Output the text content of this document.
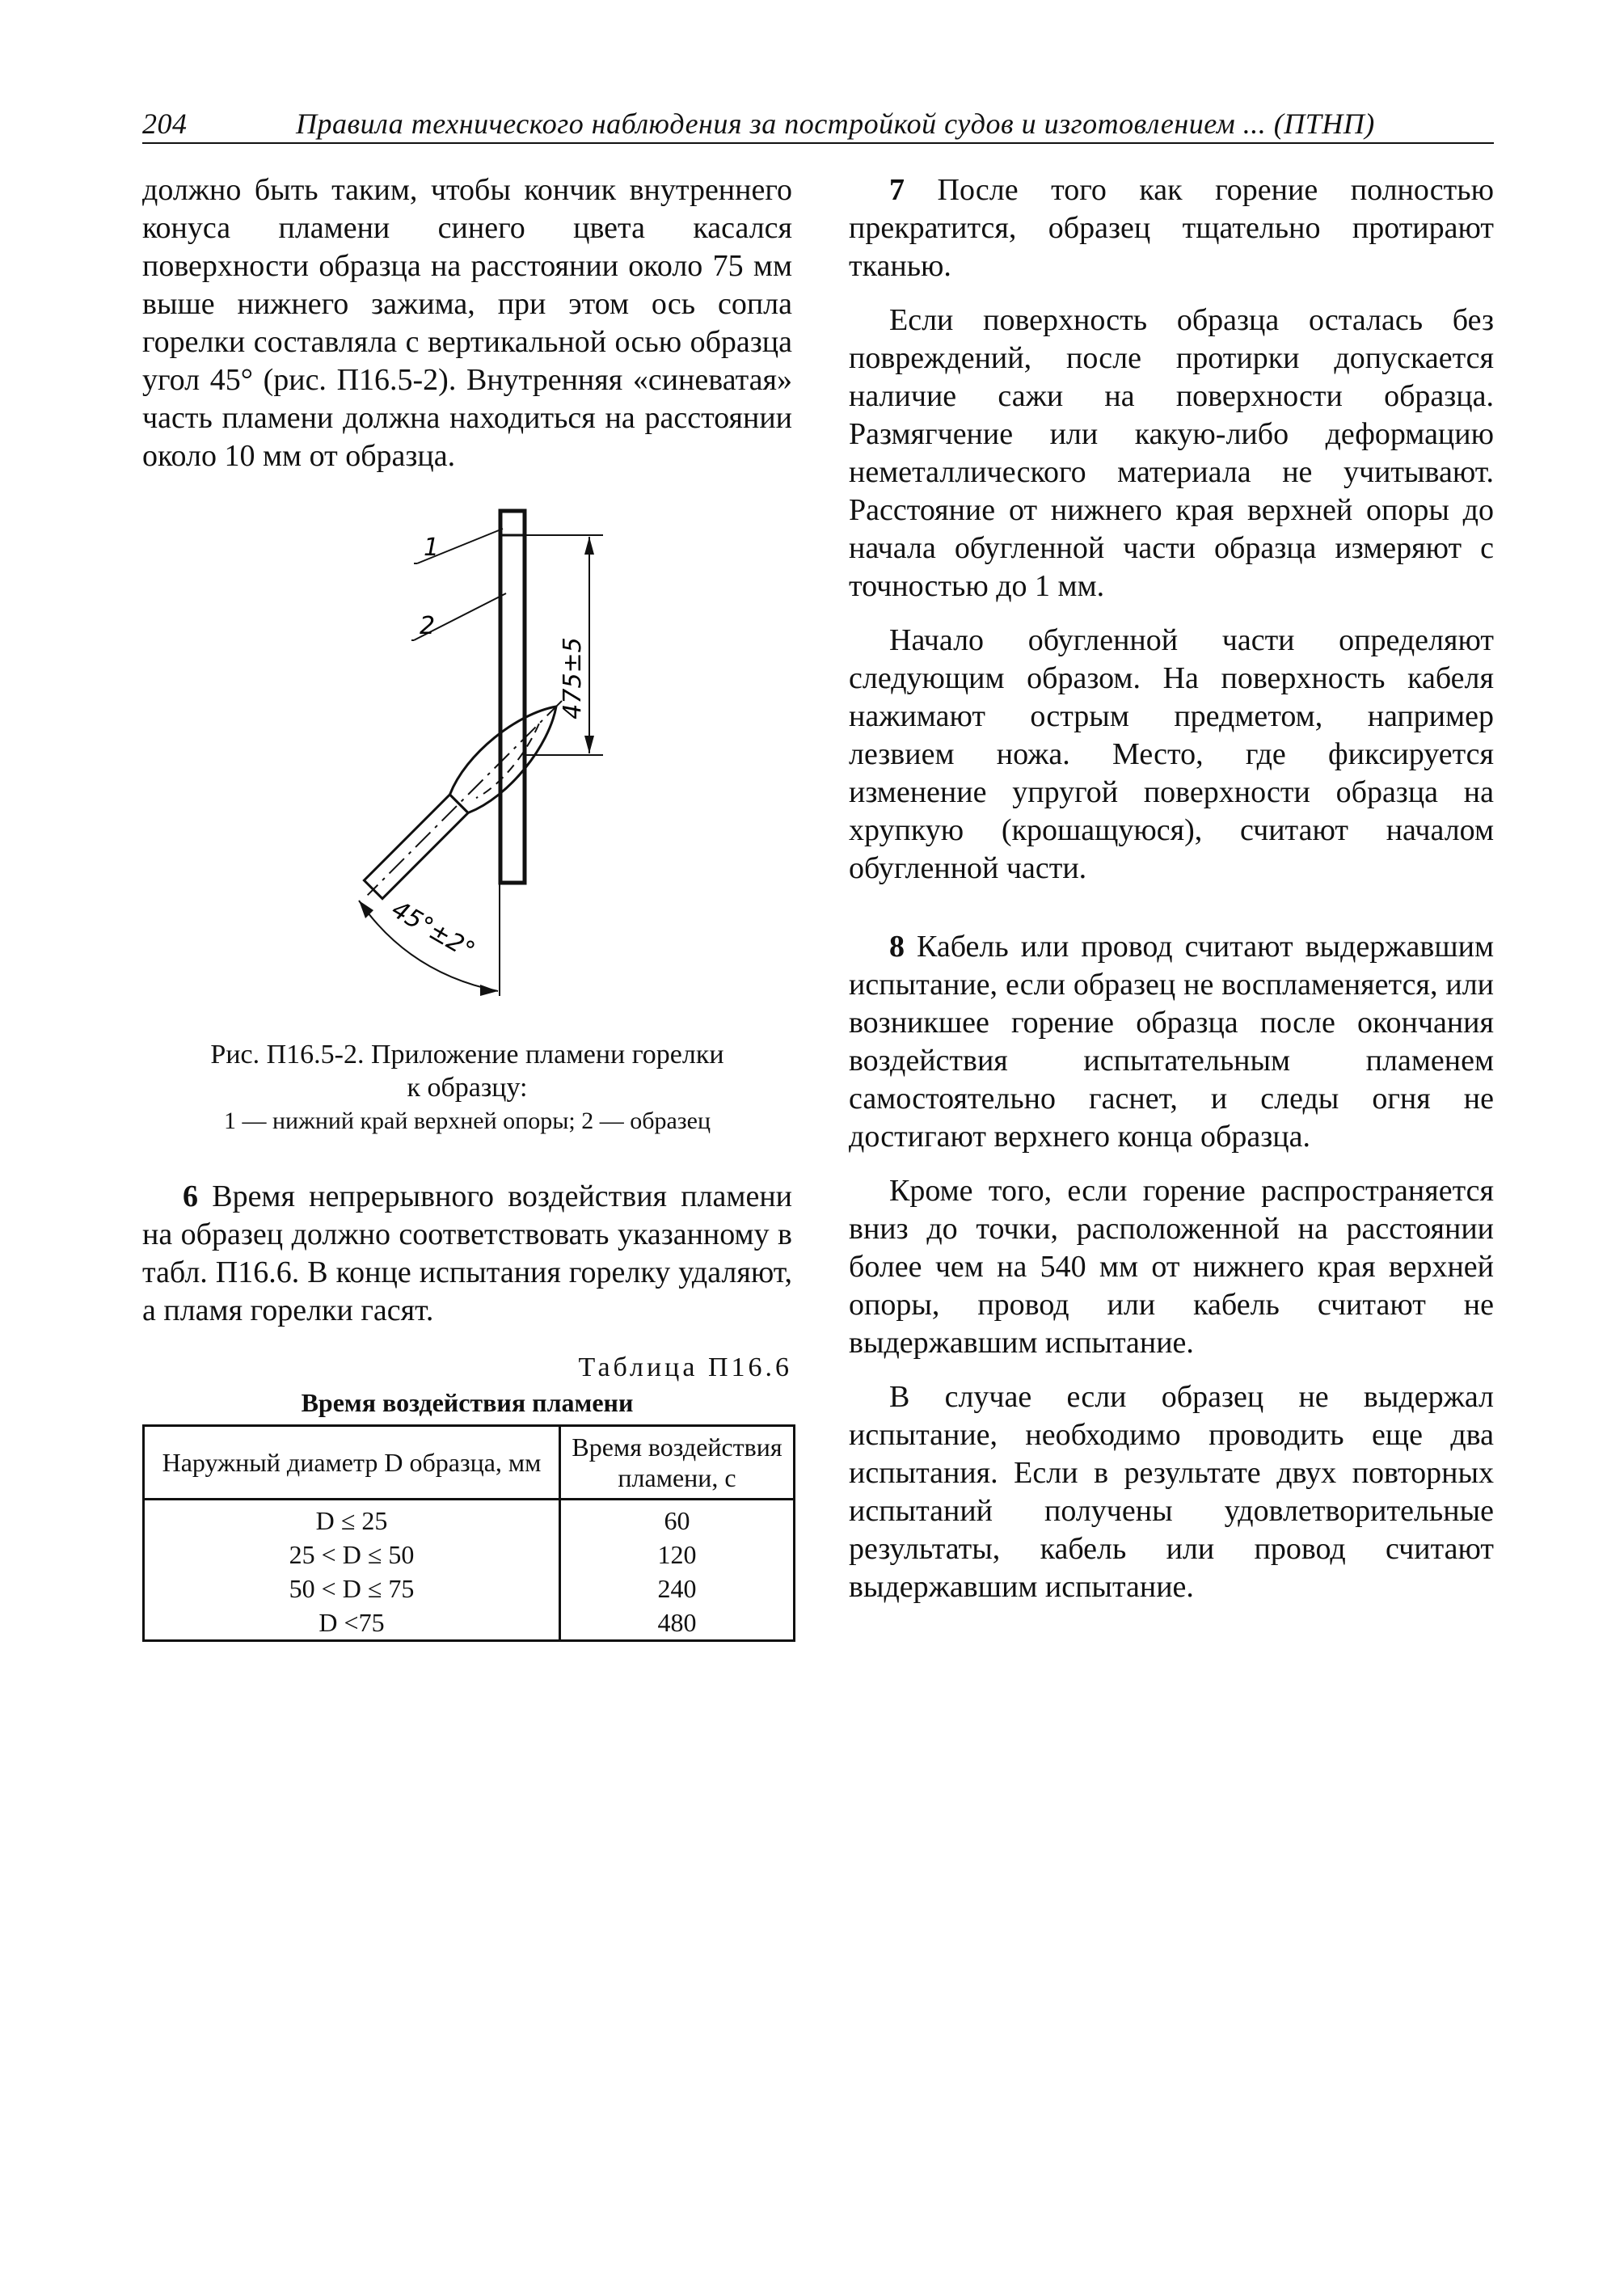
204	Правила технического наблюдения за постройкой судов и изготовлением ... (ПТНП)

должно быть таким, чтобы кончик внутреннего конуса пламени синего цвета касался поверхности образца на расстоянии около 75 мм выше нижнего зажима, при этом ось сопла горелки составляла с вертикальной осью образца угол 45° (рис. П16.5-2). Внутренняя «синеватая» часть пламени должна находиться на расстоянии около 10 мм от образца.

475±5
1
2
45°±2°
Рис. П16.5-2. Приложение пламени горелки
к образцу:
1 — нижний край верхней опоры; 2 — образец

6 Время непрерывного воздействия пламени на образец должно соответствовать указанному в табл. П16.6. В конце испытания горелку удаляют, а пламя горелки гасят.

Таблица П16.6
Время воздействия пламени
Наружный диаметр D образца, мм	Время воздействия пламени, с
D ≤ 25	60
25 < D ≤ 50	120
50 < D ≤ 75	240
D <75	480

7 После того как горение полностью прекратится, образец тщательно протирают тканью.

Если поверхность образца осталась без повреждений, после протирки допускается наличие сажи на поверхности образца. Размягчение или какую-либо деформацию неметаллического материала не учитывают. Расстояние от нижнего края верхней опоры до начала обугленной части образца измеряют с точностью до 1 мм.

Начало обугленной части определяют следующим образом. На поверхность кабеля нажимают острым предметом, например лезвием ножа. Место, где фиксируется изменение упругой поверхности образца на хрупкую (крошащуюся), считают началом обугленной части.

8 Кабель или провод считают выдержавшим испытание, если образец не воспламеняется, или возникшее горение образца после окончания воздействия испытательным пламенем самостоятельно гаснет, и следы огня не достигают верхнего конца образца.

Кроме того, если горение распространяется вниз до точки, расположенной на расстоянии более чем на 540 мм от нижнего края верхней опоры, провод или кабель считают не выдержавшим испытание.

В случае если образец не выдержал испытание, необходимо проводить еще два испытания. Если в результате двух повторных испытаний получены удовлетворительные результаты, кабель или провод считают выдержавшим испытание.
